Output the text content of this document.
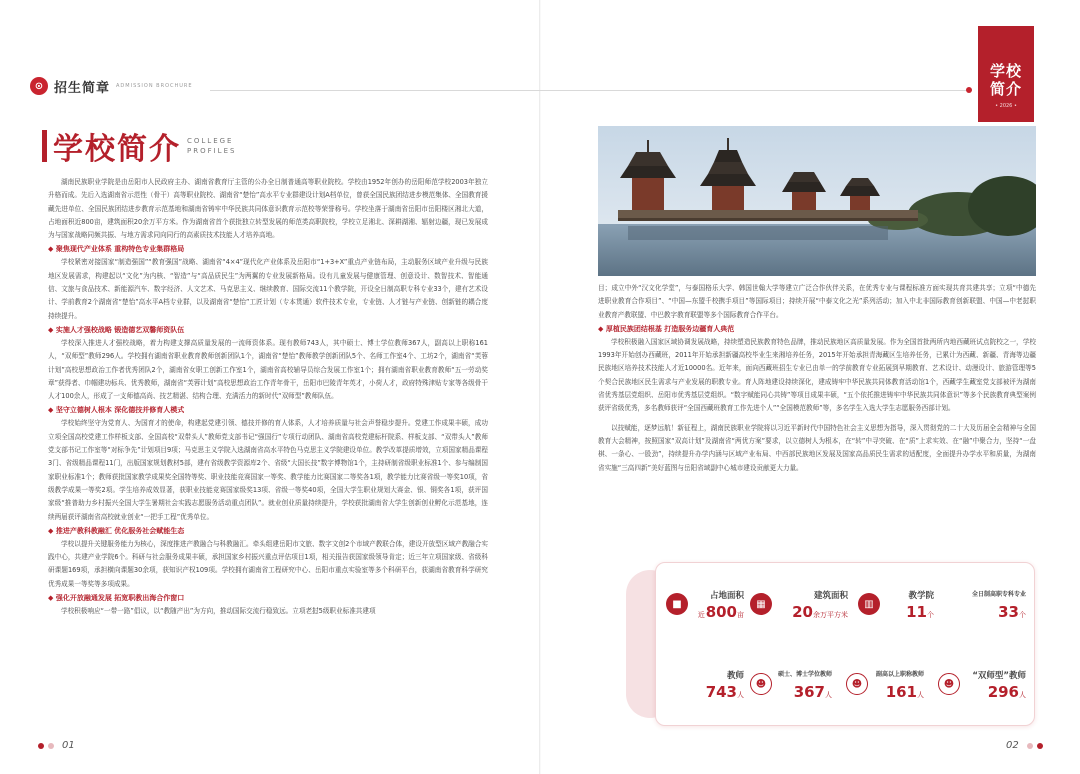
⊙ 招生简章 ADMISSION BROCHURE
学校
简介
• 2026 •
学校简介 COLLEGE
PROFILES

湖南民族职业学院是由岳阳市人民政府主办、湖南省教育厅主管的公办全日制普通高等职业院校。学校由1952年创办的岳阳师范学校2003年独立升格而成。先后入选湖南省示范性（骨干）高等职业院校、湖南省“楚怡”高水平专业群建设计划A档单位，曾获全国民族团结进步模范集体、全国教育援藏先进单位、全国民族团结进步教育示范基地和湖南省铸牢中华民族共同体意识教育示范校等荣誉称号。学校坐落于湖南省岳阳市岳阳楼区湘北大道，占地面积近800亩，建筑面积20余万平方米。作为湖南省首个获批独立转型发展的师范类高职院校，学校立足湘北、深耕湖湘、辐射边疆，现已发展成为与国家战略同频共振、与地方需求同向同行的高素质技术技能人才培养高地。

◆ 聚焦现代产业体系 重构特色专业集群格局

学校紧密对接国家“制造强国”“教育强国”战略、湖南省“4×4”现代化产业体系及岳阳市“1+3+X”重点产业链布局，主动服务区域产业升级与民族地区发展需求，构建起以“文化”为内核、“智造”与“高品质民生”为两翼的专业发展新格局。设有儿童发展与健康管理、创意设计、数智技术、智能通信、文旅与食品技术、新能源汽车、数字经济、人文艺术、马克思主义、继续教育、国际交流11个教学院，开设全日制高职专科专业33个，建有艺术设计、学前教育2个湖南省“楚怡”高水平A档专业群，以及湖南省“楚怡”工匠计划（专本贯通）软件技术专业，专业链、人才链与产业链、创新链的耦合度持续提升。

◆ 实施人才强校战略 锻造德艺双馨师资队伍

学校深入推进人才强校战略，着力构建支撑高质量发展的一流师资体系。现有教师743人，其中硕士、博士学位教师367人，副高以上职称161人，“双师型”教师296人。学校拥有湖南省职业教育教师创新团队1个，湖南省“楚怡”教师教学创新团队5个、名师工作室4个、工坊2个，湖南省“芙蓉计划”高校思想政治工作者优秀团队2个，湖南省女职工创新工作室1个，湖南省高校辅导员综合发展工作室1个；拥有湖南省职业教育教师“五一劳动奖章”获得者、巾帼建功标兵、优秀教师，湖南省“芙蓉计划”高校思想政治工作青年骨干，岳阳市巴陵青年英才，小荷人才，政府特殊津贴专家等各级骨干人才100余人，形成了一支师德高尚、技艺精湛、结构合理、充满活力的新时代“双师型”教师队伍。

◆ 坚守立德树人根本 深化德技并修育人模式

学校始终坚守为党育人、为国育才的使命，构建起党建引领、德技并修的育人体系，人才培养质量与社会声誉稳步提升。党建工作成果丰硕，成功立项全国高校党建工作样板支部、全国高校“双带头人”教师党支部书记“强国行”专项行动团队、湖南省高校党建标杆院系、样板支部、“双带头人”教师党支部书记工作室等“对标争先”计划项目9项；马克思主义学院入选湖南省高水平特色马克思主义学院建设单位。教学改革提质增效，立项国家精品课程3门、省级精品课程11门，出版国家规划教材5部，建有省级教学资源库2个、省级“大国长技”数字博物馆1个，主持研制省级职业标准1个、参与编制国家职业标准1个；教师获批国家教学成果奖全国特等奖、职业技能竞赛国家一等奖、教学能力比赛国家二等奖各1项，教学能力比赛省级一等奖10项，省级教学成果一等奖2项。学生培养成效显著，获职业技能竞赛国家级奖13项、省级一等奖40项，全国大学生职业规划大赛金、银、铜奖各1项，获评国家级“推普助力乡村振兴全国大学生暑期社会实践志愿服务活动重点团队”。就业创业质量持续提升，学校获批湖南省大学生创新创业孵化示范基地，连续两届获评湖南省高校就业创业“一把手工程”优秀单位。

◆ 推进产教科教融汇 优化服务社会赋能生态

学校以提升关键服务能力为核心，深度推进产教融合与科教融汇。牵头组建岳阳市文旅、数字文创2个市域产教联合体，建设开放型区域产教融合实践中心，共建产业学院6个。科研与社会服务成果丰硕，承担国家乡村振兴重点评估项目1项，相关报告获国家级领导肯定；近三年立项国家级、省级科研课题169项，承担横向课题30余项，获知识产权109项。学校拥有湖南省工程研究中心、岳阳市重点实验室等多个科研平台，获湖南省教育科学研究优秀成果一等奖等多项成果。

◆ 强化开放融通发展 拓宽职教出海合作窗口

学校积极响应“一带一路”倡议，以“教随产出”为方向，推动国际交流行稳致远。立项老挝5级职业标准共建项

目；成立中外“汉文化学堂”，与泰国格乐大学、韩国世翰大学等建立广泛合作伙伴关系，在优秀专业与课程标准方面实现共育共建共享；立项“中德先进职业教育合作项目”、“中国—东盟千校携手项目”等国际项目；持续开展“中泰文化之光”系列活动；加入中北非国际教育创新联盟、中国—中老挝职业教育产教联盟、中巴教字教育联盟等多个国际教育合作平台。

◆ 厚植民族团结根基 打造服务边疆育人典范

学校积极融入国家区域协调发展战略，持续塑造民族教育特色品牌，推动民族地区高质量发展。作为全国首批两所内地西藏班试点院校之一，学校1993年开始创办西藏班，2011年开始承担新疆高校毕业生来湘培养任务，2015年开始承担青海藏区生培养任务，已累计为西藏、新疆、青海等边疆民族地区培养技术技能人才近10000名。近年来，面向西藏班招生专业已由单一的学前教育专业拓展到早期教育、艺术设计、动漫设计、旅游管理等5个契合民族地区民生需求与产业发展的职教专业。育人阵地建设持续深化，建成铸牢中华民族共同体教育活动馆1个，西藏学生藏室党支部被评为湖南省优秀基层党组织、岳阳市优秀基层党组织。“数字赋能同心共铸”等项目成果丰硕，“五个依托推进铸牢中华民族共同体意识”等多个民族教育典型案例获评省级优秀，多名教师获评“全国西藏班教育工作先进个人”“全国模范教师”等，多名学生入选大学生志愿服务西部计划。

以技赋能，逐梦远航！新征程上，湖南民族职业学院将以习近平新时代中国特色社会主义思想为指导，深入贯彻党的二十大及历届全会精神与全国教育大会精神，按照国家“双高计划”及湖南省“两优方案”要求，以立德树人为根本，在“转”中寻突破、在“质”上求实效、在“融”中聚合力，坚持“一盘棋、一条心、一股劲”，持续提升办学内涵与区域产业布局、中西部民族地区发展及国家高品质民生需求的适配度，全面提升办学水平和质量，为湖南省实施“三高四新”美好蓝图与岳阳省域副中心城市建设贡献更大力量。

■
占地面积
近800亩
▦
建筑面积
20余万平方米
▥
教学院
11个
全日制高职专科专业
33个
教师
743人
☻
硕士、博士学位教师
367人
☻
副高以上职称教师
161人
☻
“双师型”教师
296人
01	02
